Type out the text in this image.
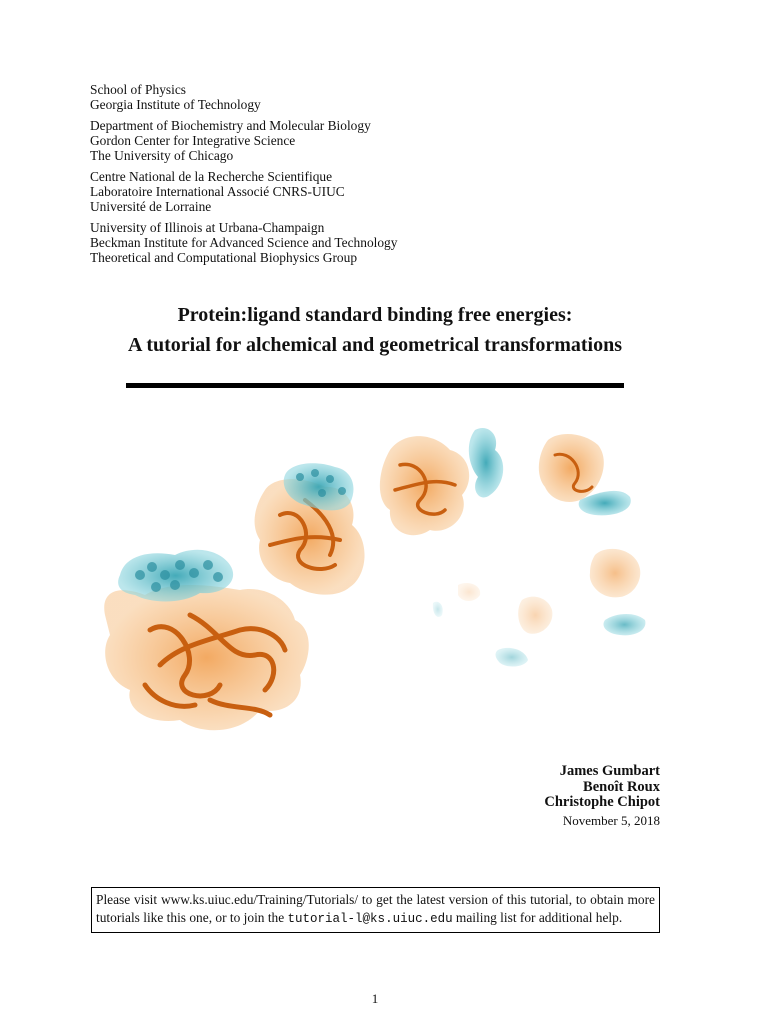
School of Physics
Georgia Institute of Technology
Department of Biochemistry and Molecular Biology
Gordon Center for Integrative Science
The University of Chicago
Centre National de la Recherche Scientifique
Laboratoire International Associé CNRS-UIUC
Université de Lorraine
University of Illinois at Urbana-Champaign
Beckman Institute for Advanced Science and Technology
Theoretical and Computational Biophysics Group
Protein:ligand standard binding free energies:
A tutorial for alchemical and geometrical transformations
James Gumbart
Benoît Roux
Christophe Chipot
November 5, 2018
Please visit www.ks.uiuc.edu/Training/Tutorials/ to get the latest version of this tutorial, to obtain more tutorials like this one, or to join the tutorial-l@ks.uiuc.edu mailing list for additional help.
1
